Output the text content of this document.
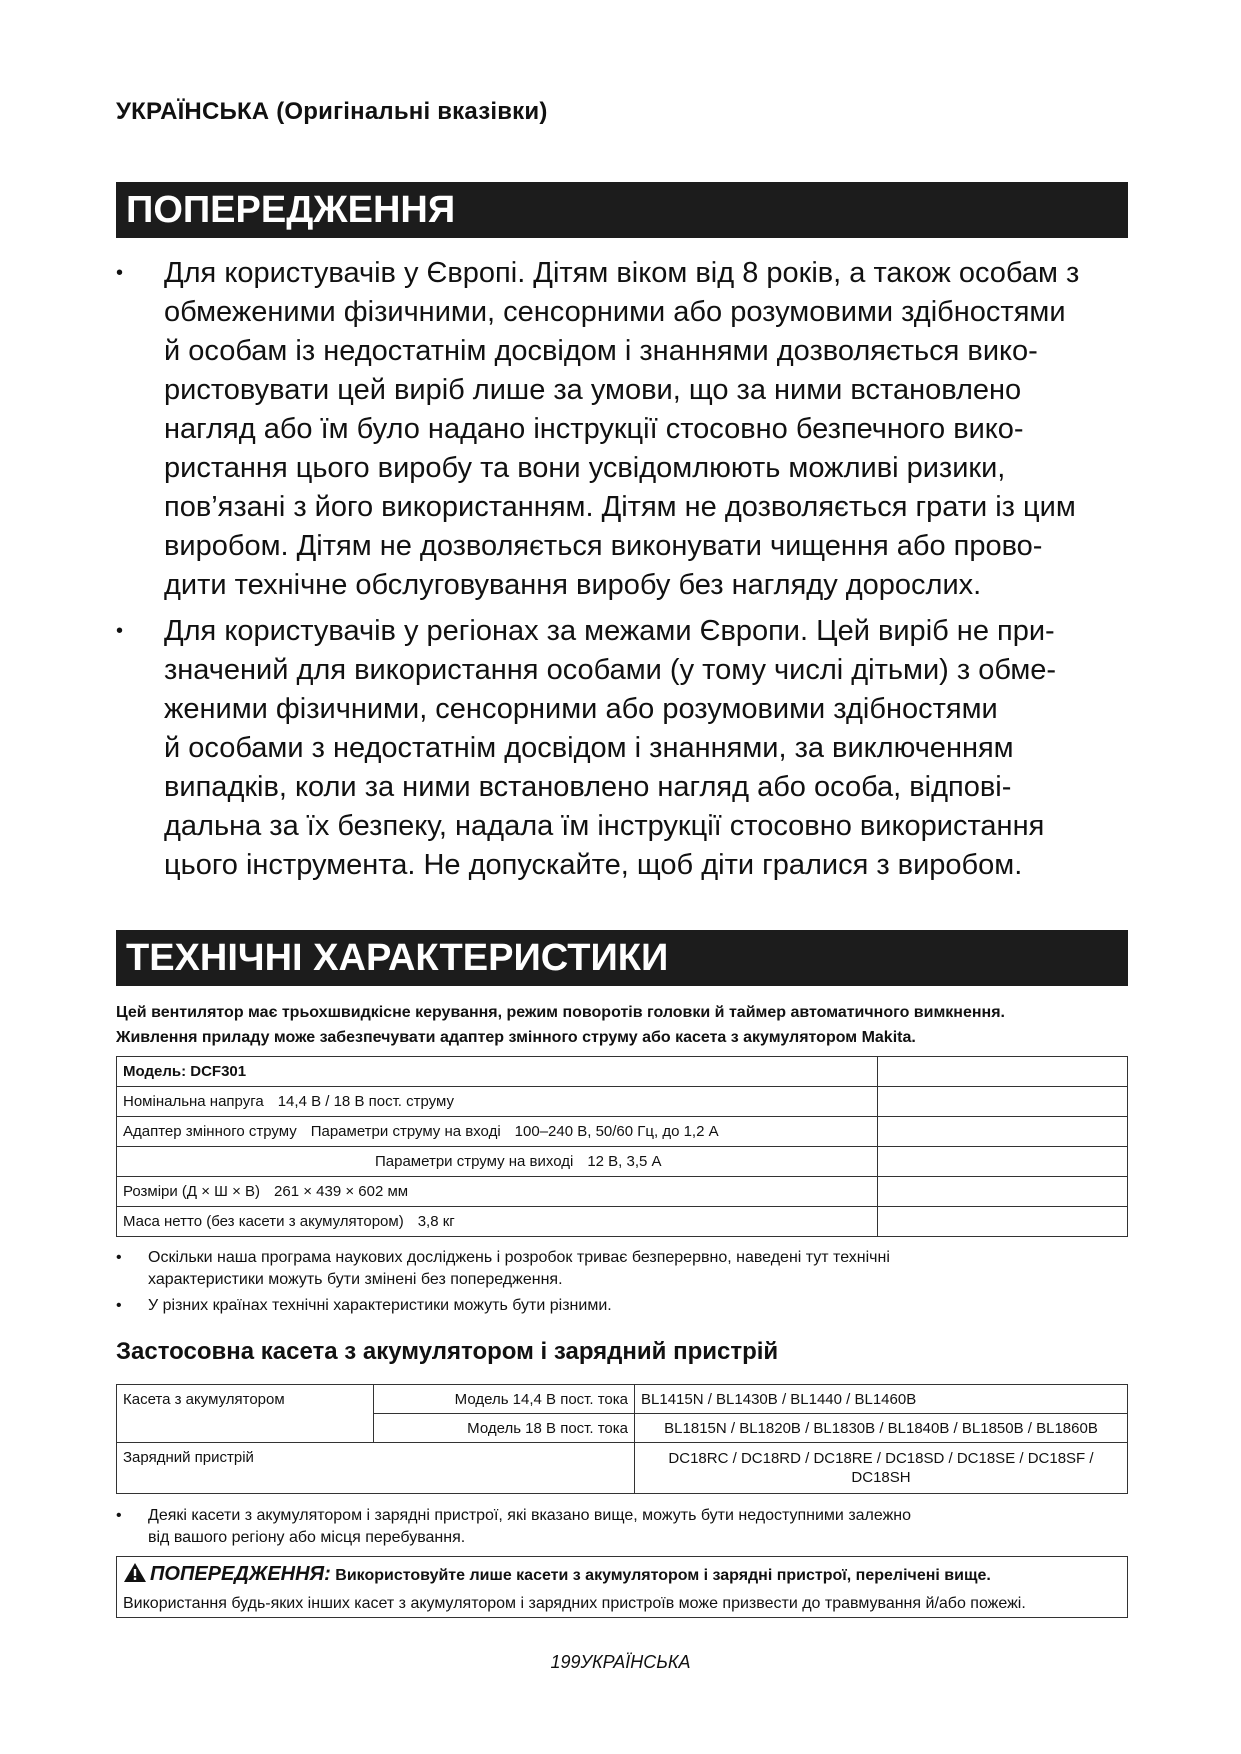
УКРАЇНСЬКА (Оригінальні вказівки)
ПОПЕРЕДЖЕННЯ
• Для користувачів у Європі. Дітям віком від 8 років, а також особам з
обмеженими фізичними, сенсорними або розумовими здібностями
й особам із недостатнім досвідом і знаннями дозволяється вико-
ристовувати цей виріб лише за умови, що за ними встановлено
нагляд або їм було надано інструкції стосовно безпечного вико-
ристання цього виробу та вони усвідомлюють можливі ризики,
пов’язані з його використанням. Дітям не дозволяється грати із цим
виробом. Дітям не дозволяється виконувати чищення або прово-
дити технічне обслуговування виробу без нагляду дорослих.
• Для користувачів у регіонах за межами Європи. Цей виріб не при-
значений для використання особами (у тому числі дітьми) з обме-
женими фізичними, сенсорними або розумовими здібностями
й особами з недостатнім досвідом і знаннями, за виключенням
випадків, коли за ними встановлено нагляд або особа, відпові-
дальна за їх безпеку, надала їм інструкції стосовно використання
цього інструмента. Не допускайте, щоб діти гралися з виробом.
ТЕХНІЧНІ ХАРАКТЕРИСТИКИ
Цей вентилятор має трьохшвидкісне керування, режим поворотів головки й таймер автоматичного вимкнення.
Живлення приладу може забезпечувати адаптер змінного струму або касета з акумулятором Makita.
Модель: DCF301	
Номінальна напруга 14,4 В / 18 В пост. струму	
Адаптер змінного струму Параметри струму на вході 100–240 В, 50/60 Гц, до 1,2 А	
Параметри струму на виході 12 В, 3,5 А	
Розміри (Д × Ш × В) 261 × 439 × 602 мм	
Маса нетто (без касети з акумулятором) 3,8 кг	
• Оскільки наша програма наукових досліджень і розробок триває безперервно, наведені тут технічні
характеристики можуть бути змінені без попередження.
• У різних країнах технічні характеристики можуть бути різними.
Застосовна касета з акумулятором і зарядний пристрій
Касета з акумулятором	Модель 14,4 В пост. тока	BL1415N / BL1430B / BL1440 / BL1460B
	Модель 18 В пост. тока	BL1815N / BL1820B / BL1830B / BL1840B / BL1850B / BL1860B
Зарядний пристрій		DC18RC / DC18RD / DC18RE / DC18SD / DC18SE / DC18SF /
DC18SH
• Деякі касети з акумулятором і зарядні пристрої, які вказано вище, можуть бути недоступними залежно
від вашого регіону або місця перебування.
ПОПЕРЕДЖЕННЯ: Використовуйте лише касети з акумулятором і зарядні пристрої, перелічені вище.
Використання будь-яких інших касет з акумулятором і зарядних пристроїв може призвести до травмування й/або пожежі.
199УКРАЇНСЬКА
